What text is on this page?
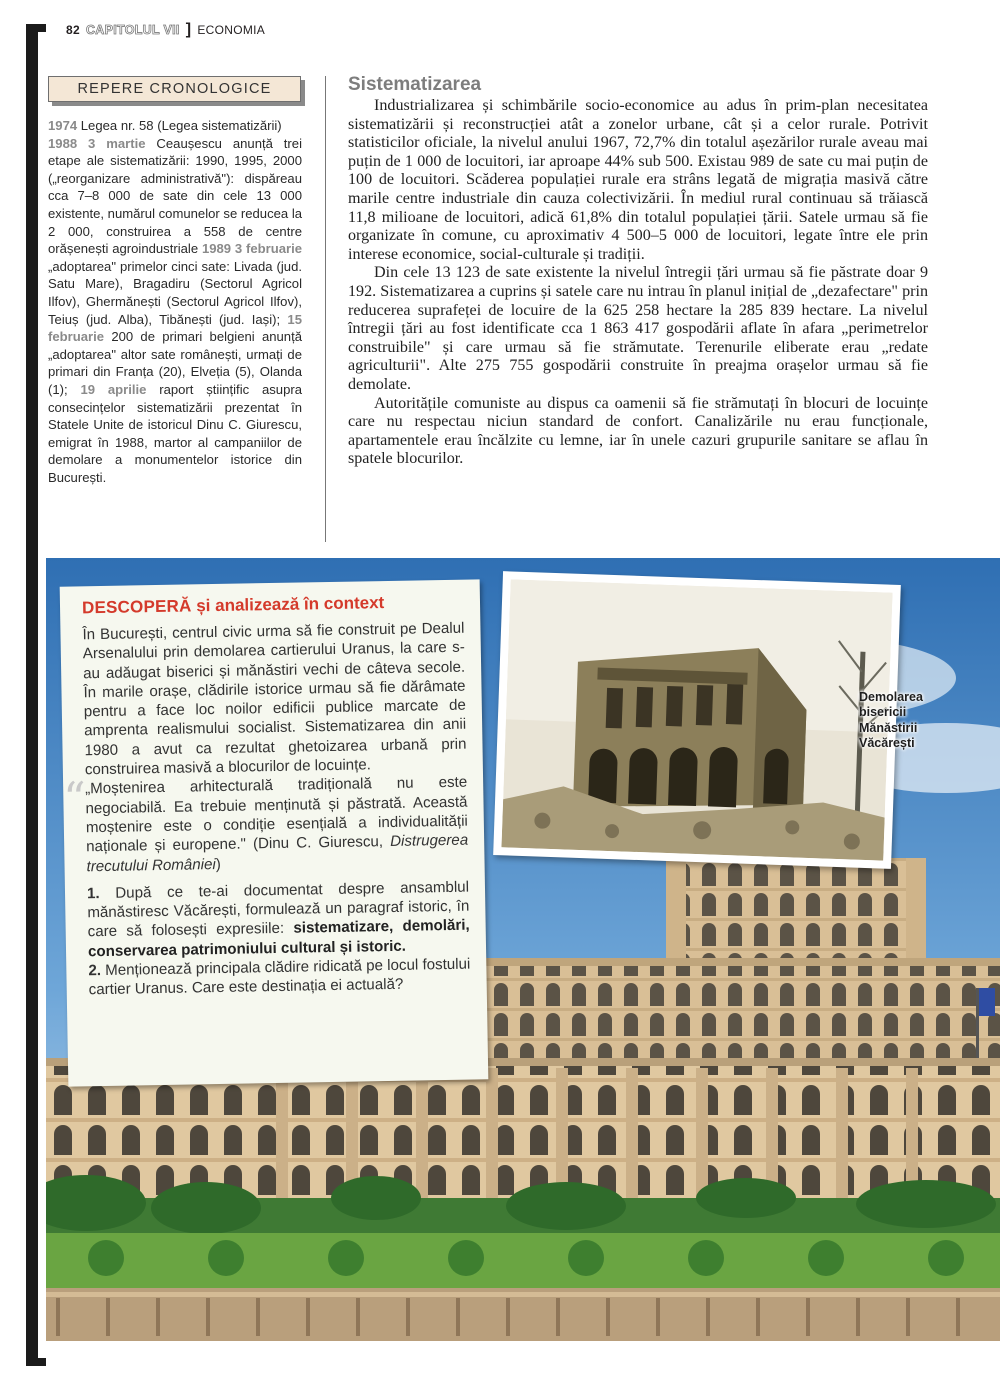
82 CAPITOLUL VII ] ECONOMIA
REPERE CRONOLOGICE
1974 Legea nr. 58 (Legea sistematizării)
1988 3 martie Ceaușescu anunță trei etape ale sistematizării: 1990, 1995, 2000 („reorganizare administrativă"): dispăreau cca 7–8 000 de sate din cele 13 000 existente, numărul comunelor se reducea la 2 000, construirea a 558 de centre orășenești agroindustriale 1989 3 februarie „adoptarea" primelor cinci sate: Livada (jud. Satu Mare), Bragadiru (Sectorul Agricol Ilfov), Ghermănești (Sectorul Agricol Ilfov), Teiuș (jud. Alba), Tibănești (jud. Iași); 15 februarie 200 de primari belgieni anunță „adoptarea" altor sate românești, urmați de primari din Franța (20), Elveția (5), Olanda (1); 19 aprilie raport științific asupra consecințelor sistematizării prezentat în Statele Unite de istoricul Dinu C. Giurescu, emigrat în 1988, martor al campaniilor de demolare a monumentelor istorice din București.
Sistematizarea

Industrializarea și schimbările socio-economice au adus în prim-plan necesitatea sistematizării și reconstrucției atât a zonelor urbane, cât și a celor rurale. Potrivit statisticilor oficiale, la nivelul anului 1967, 72,7% din totalul așezărilor rurale aveau mai puțin de 1 000 de locuitori, iar aproape 44% sub 500. Existau 989 de sate cu mai puțin de 100 de locuitori. Scăderea populației rurale era strâns legată de migrația masivă către marile centre industriale din cauza colectivizării. În mediul rural continuau să trăiască 11,8 milioane de locuitori, adică 61,8% din totalul populației țării. Satele urmau să fie organizate în comune, cu aproximativ 4 500–5 000 de locuitori, legate între ele prin interese economice, social-culturale și tradiții.

Din cele 13 123 de sate existente la nivelul întregii țări urmau să fie păstrate doar 9 192. Sistematizarea a cuprins și satele care nu intrau în planul inițial de „dezafectare" prin reducerea suprafeței de locuire de la 625 258 hectare la 285 839 hectare. La nivelul întregii țări au fost identificate cca 1 863 417 gospodării aflate în afara „perimetrelor construibile" și care urmau să fie strămutate. Terenurile eliberate erau „redate agriculturii". Alte 275 755 gospodării construite în preajma orașelor urmau să fie demolate.

Autoritățile comuniste au dispus ca oamenii să fie strămutați în blocuri de locuințe care nu respectau niciun standard de confort. Canalizările nu erau funcționale, apartamentele erau încălzite cu lemne, iar în unele cazuri grupurile sanitare se aflau în spatele blocurilor.

Demolarea bisericii Mănăstirii Văcărești
DESCOPERĂ și analizează în context

În București, centrul civic urma să fie construit pe Dealul Arsenalului prin demolarea cartierului Uranus, la care s-au adăugat biserici și mănăstiri vechi de câteva secole. În marile orașe, clădirile istorice urmau să fie dărâmate pentru a face loc noilor edificii publice marcate de amprenta realismului socialist. Sistematizarea din anii 1980 a avut ca rezultat ghetoizarea urbană prin construirea masivă a blocurilor de locuințe.

“

„Moștenirea arhitecturală tradițională nu este negociabilă. Ea trebuie menținută și păstrată. Această moștenire este o condiție esențială a individualității naționale și europene." (Dinu C. Giurescu, Distrugerea trecutului României)

1. După ce te-ai documentat despre ansamblul mănăstiresc Văcărești, formulează un paragraf istoric, în care să folosești expresiile: sistematizare, demolări, conservarea patrimoniului cultural și istoric.

2. Menționează principala clădire ridicată pe locul fostului cartier Uranus. Care este destinația ei actuală?
